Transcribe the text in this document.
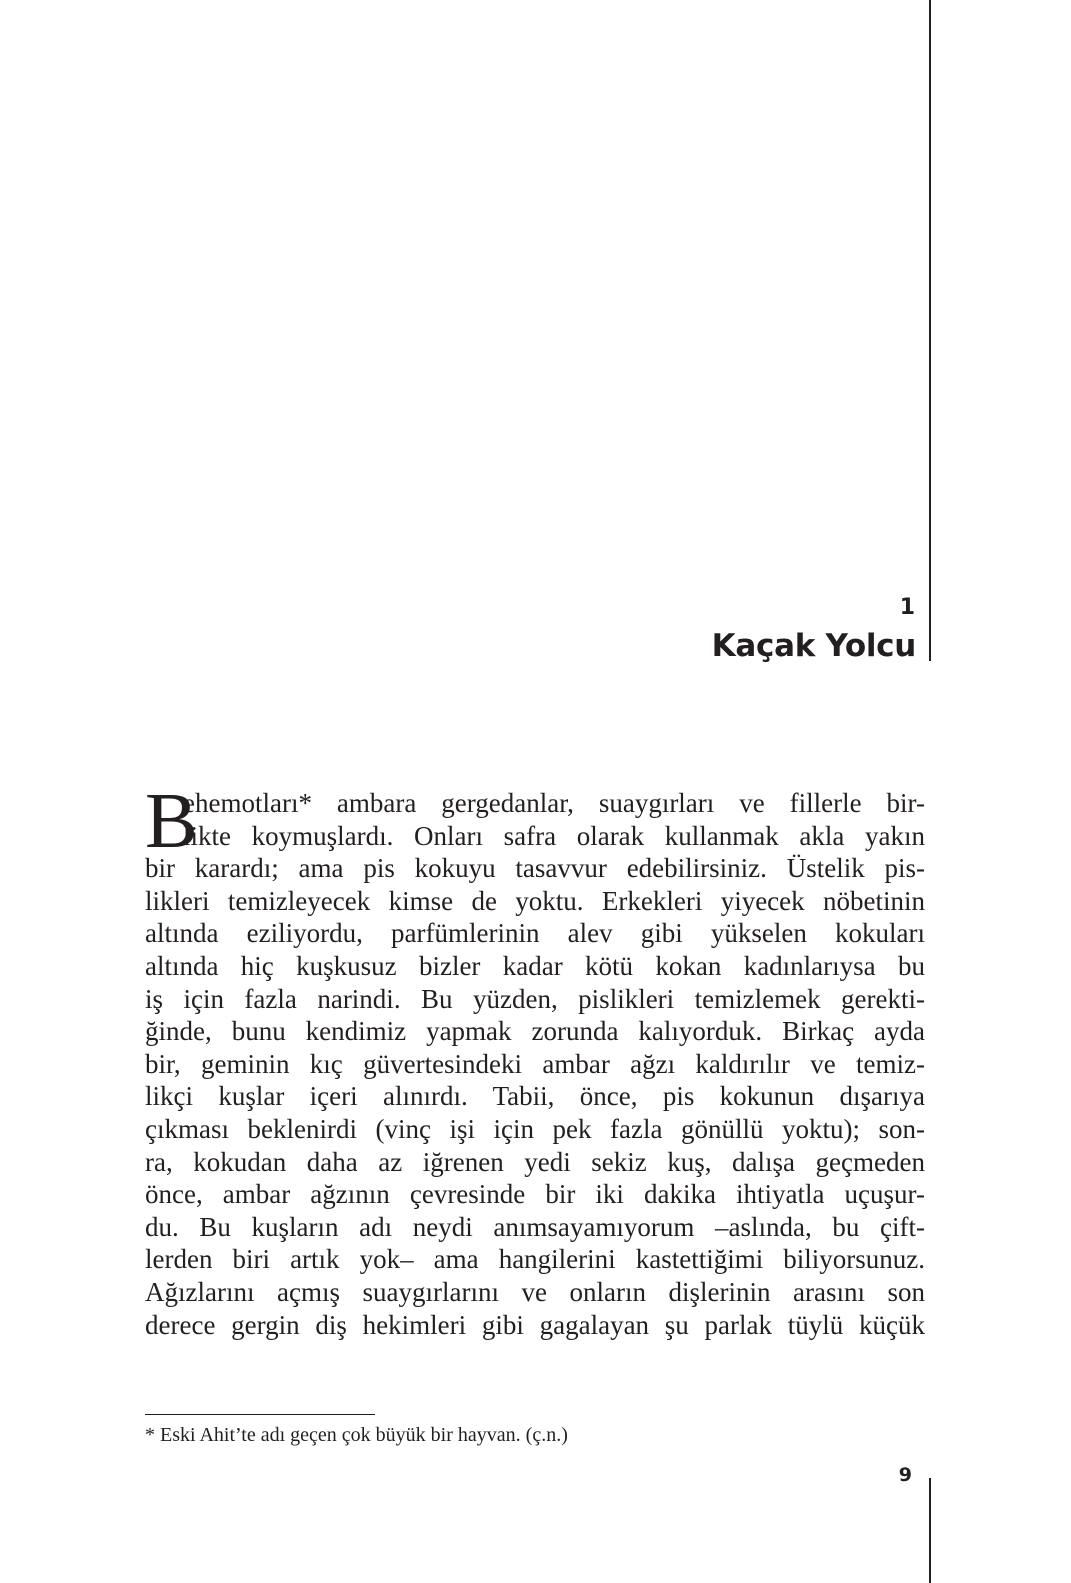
1
Kaçak Yolcu
B
ehemotları* ambara gergedanlar, suaygırları ve fillerle bir-
likte koymuşlardı. Onları safra olarak kullanmak akla yakın
bir karardı; ama pis kokuyu tasavvur edebilirsiniz. Üstelik pis-
likleri temizleyecek kimse de yoktu. Erkekleri yiyecek nöbetinin
altında eziliyordu, parfümlerinin alev gibi yükselen kokuları
altında hiç kuşkusuz bizler kadar kötü kokan kadınlarıysa bu
iş için fazla narindi. Bu yüzden, pislikleri temizlemek gerekti-
ğinde, bunu kendimiz yapmak zorunda kalıyorduk. Birkaç ayda
bir, geminin kıç güvertesindeki ambar ağzı kaldırılır ve temiz-
likçi kuşlar içeri alınırdı. Tabii, önce, pis kokunun dışarıya
çıkması beklenirdi (vinç işi için pek fazla gönüllü yoktu); son-
ra, kokudan daha az iğrenen yedi sekiz kuş, dalışa geçmeden
önce, ambar ağzının çevresinde bir iki dakika ihtiyatla uçuşur-
du. Bu kuşların adı neydi anımsayamıyorum –aslında, bu çift-
lerden biri artık yok– ama hangilerini kastettiğimi biliyorsunuz.
Ağızlarını açmış suaygırlarını ve onların dişlerinin arasını son
derece gergin diş hekimleri gibi gagalayan şu parlak tüylü küçük
* Eski Ahit’te adı geçen çok büyük bir hayvan. (ç.n.)
9
